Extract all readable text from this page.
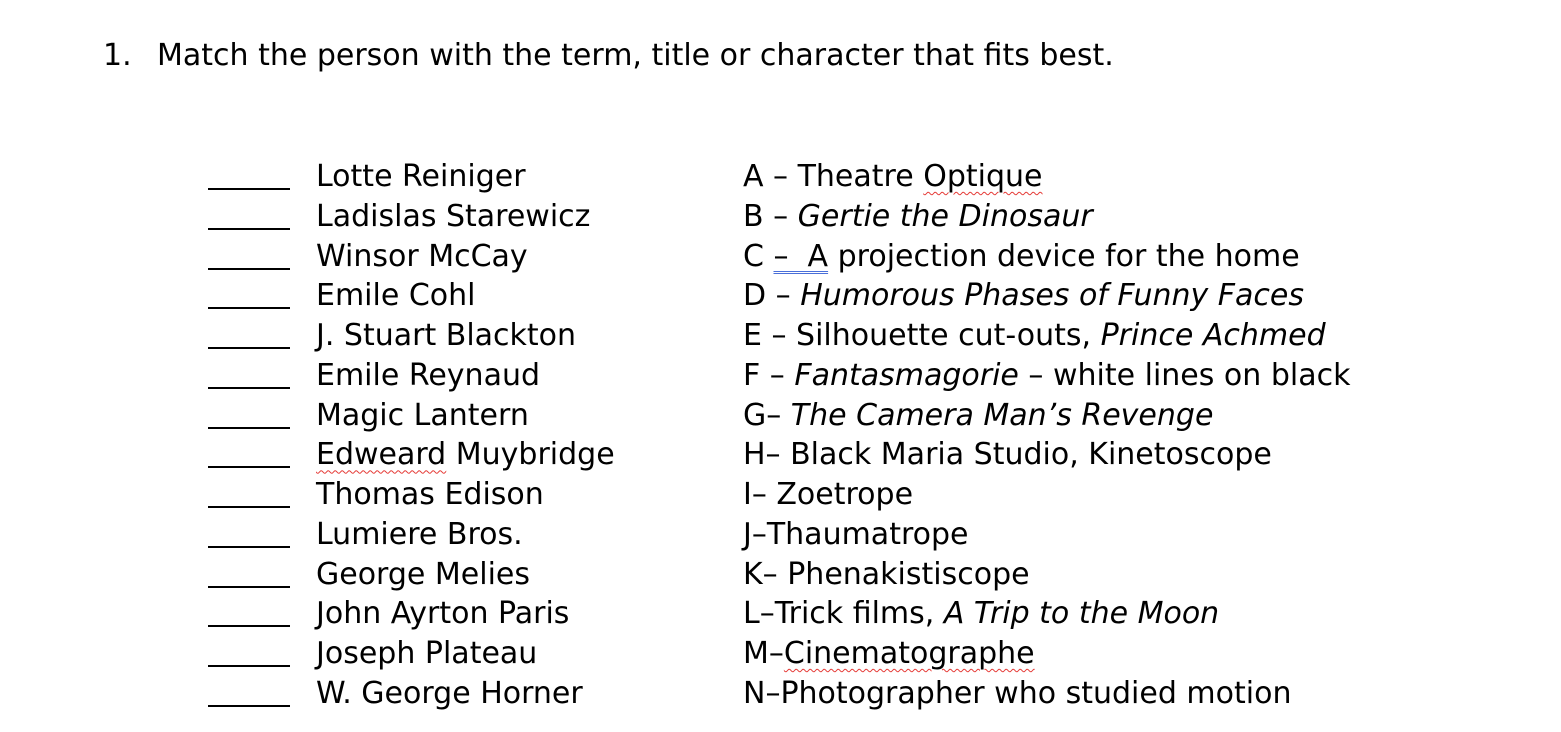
1. Match the person with the term, title or character that fits best.
Lotte Reiniger	A – Theatre Optique
Ladislas Starewicz	B – Gertie the Dinosaur
Winsor McCay	C –  A projection device for the home
Emile Cohl	D – Humorous Phases of Funny Faces
J. Stuart Blackton	E – Silhouette cut-outs, Prince Achmed
Emile Reynaud	F – Fantasmagorie – white lines on black
Magic Lantern	G– The Camera Man’s Revenge
Edweard Muybridge	H– Black Maria Studio, Kinetoscope
Thomas Edison	I– Zoetrope
Lumiere Bros.	J–Thaumatrope
George Melies	K– Phenakistiscope
John Ayrton Paris	L–Trick films, A Trip to the Moon
Joseph Plateau	M–Cinematographe
W. George Horner	N–Photographer who studied motion
